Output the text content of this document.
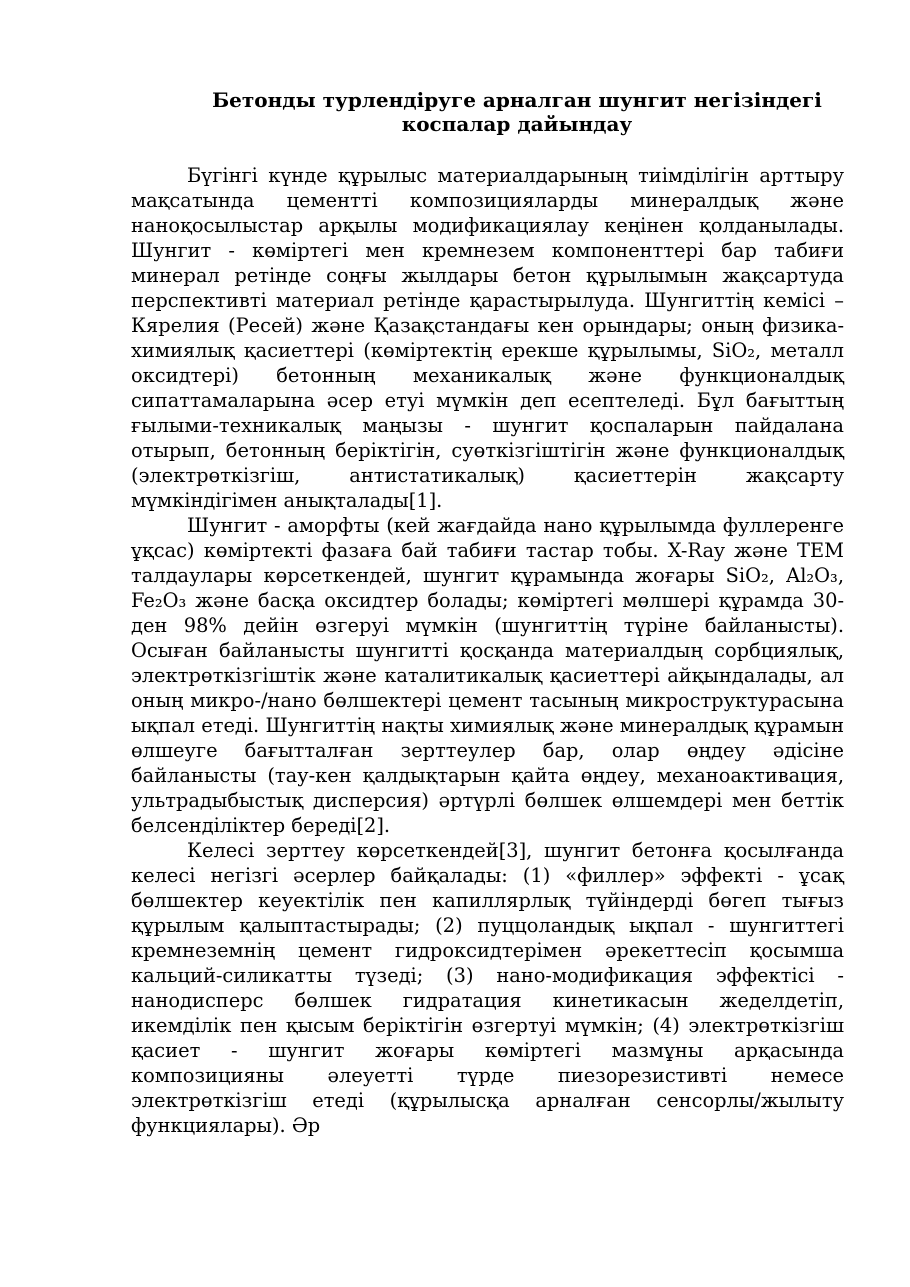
Бетонды турлендіруге арналган шунгит негізіндегі
коспалар дайындау

Бүгінгі күнде құрылыс материалдарының тиімділігін арттыру мақсатында цементті композицияларды минералдық және наноқосылыстар арқылы модификациялау кеңінен қолданылады. Шунгит - көміртегі мен кремнезем компоненттері бар табиғи минерал ретінде соңғы жылдары бетон құрылымын жақсартуда перспективті материал ретінде қарастырылуда. Шунгиттің кемісі – Кярелия (Ресей) және Қазақстандағы кен орындары; оның физика-химиялық қасиеттері (көміртектің ерекше құрылымы, SiO₂, металл оксидтері) бетонның механикалық және функционалдық сипаттамаларына әсер етуі мүмкін деп есептеледі. Бұл бағыттың ғылыми-техникалық маңызы - шунгит қоспаларын пайдалана отырып, бетонның беріктігін, суөткізгіштігін және функционалдық (электрөткізгіш, антистатикалық) қасиеттерін жақсарту мүмкіндігімен анықталады[1].

Шунгит - аморфты (кей жағдайда нано құрылымда фуллеренге ұқсас) көміртекті фазаға бай табиғи тастар тобы. X-Ray және TEM талдаулары көрсеткендей, шунгит құрамында жоғары SiO₂, Al₂O₃, Fe₂O₃ және басқа оксидтер болады; көміртегі мөлшері құрамда 30-ден 98% дейін өзгеруі мүмкін (шунгиттің түріне байланысты). Осыған байланысты шунгитті қосқанда материалдың сорбциялық, электрөткізгіштік және каталитикалық қасиеттері айқындалады, ал оның микро-/нано бөлшектері цемент тасының микроструктурасына ықпал етеді. Шунгиттің нақты химиялық және минералдық құрамын өлшеуге бағытталған зерттеулер бар, олар өңдеу әдісіне байланысты (тау-кен қалдықтарын қайта өңдеу, механоактивация, ультрадыбыстық дисперсия) әртүрлі бөлшек өлшемдері мен беттік белсенділіктер береді[2].

Келесі зерттеу көрсеткендей[3], шунгит бетонға қосылғанда келесі негізгі әсерлер байқалады: (1) «филлер» эффекті - ұсақ бөлшектер кеуектілік пен капиллярлық түйіндерді бөгеп тығыз құрылым қалыптастырады; (2) пуццоландық ықпал - шунгиттегі кремнеземнің цемент гидроксидтерімен әрекеттесіп қосымша кальций-силикатты түзеді; (3) нано-модификация эффектісі - нанодисперс бөлшек гидратация кинетикасын жеделдетіп, икемділік пен қысым беріктігін өзгертуі мүмкін; (4) электрөткізгіш қасиет - шунгит жоғары көміртегі мазмұны арқасында композицияны әлеуетті түрде пиезорезистивті немесе электрөткізгіш етеді (құрылысқа арналған сенсорлы/жылыту функциялары). Әр
